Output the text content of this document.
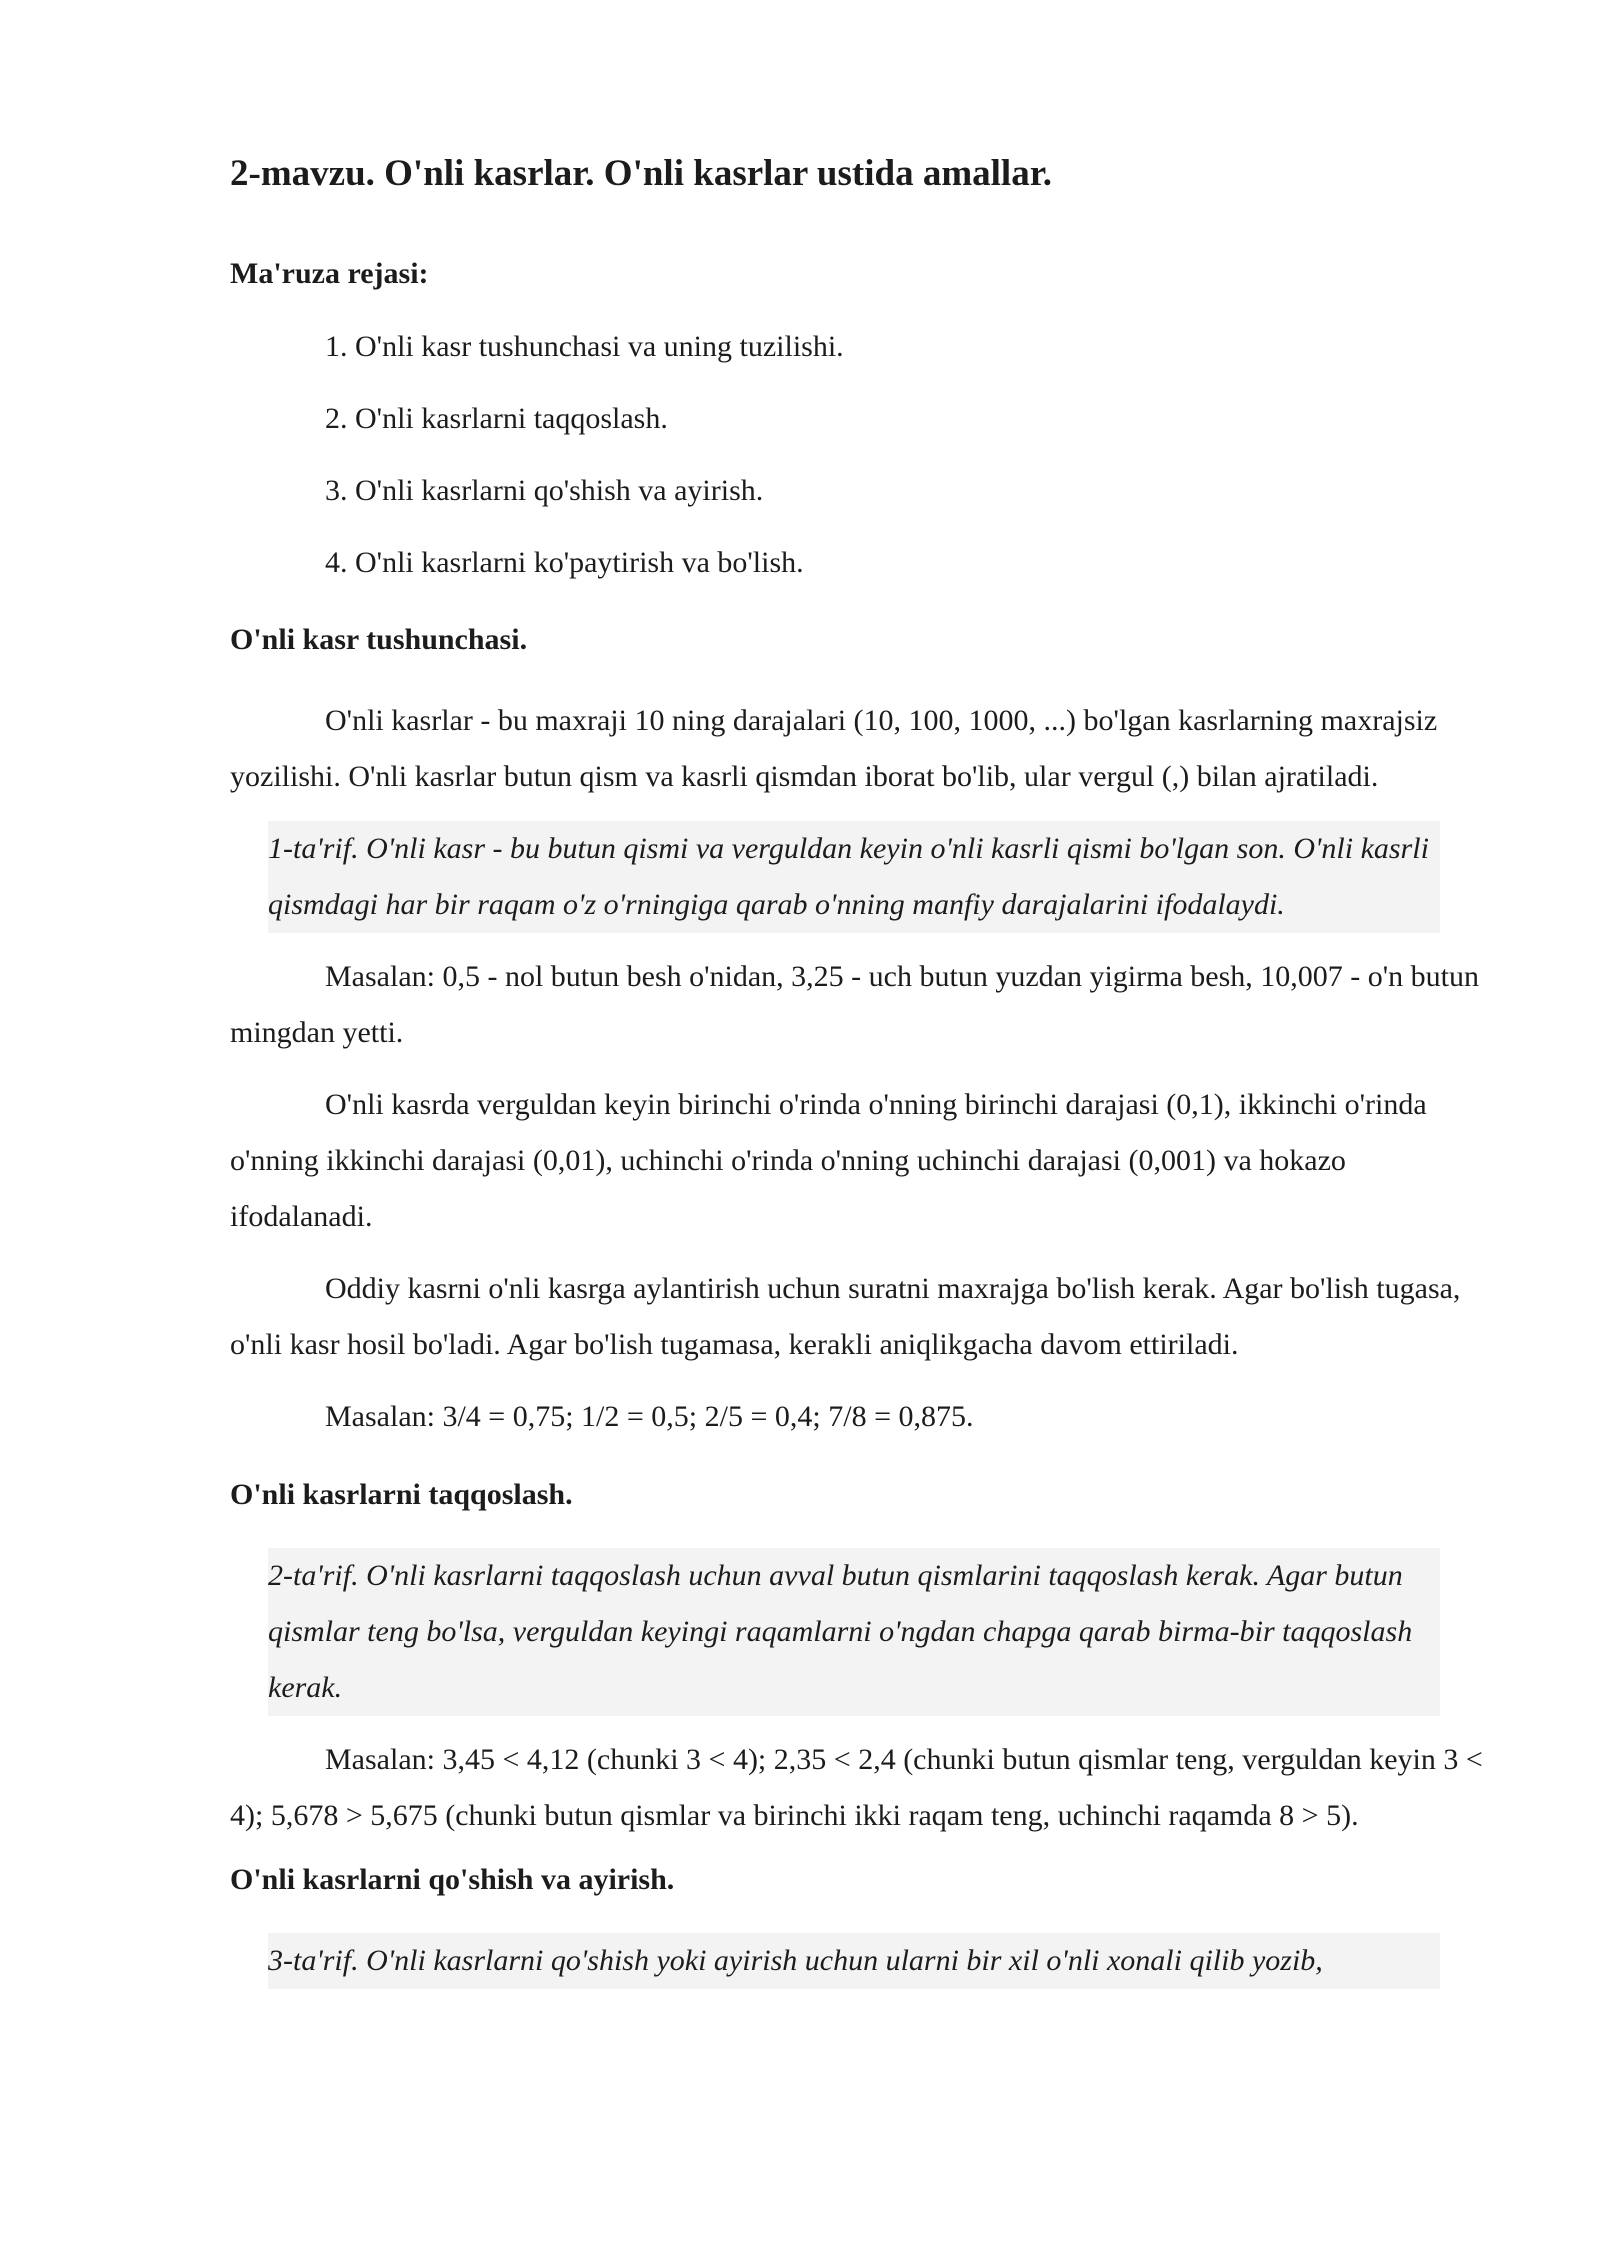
2-mavzu. O'nli kasrlar. O'nli kasrlar ustida amallar.
Ma'ruza rejasi:
1. O'nli kasr tushunchasi va uning tuzilishi.
2. O'nli kasrlarni taqqoslash.
3. O'nli kasrlarni qo'shish va ayirish.
4. O'nli kasrlarni ko'paytirish va bo'lish.
O'nli kasr tushunchasi.

O'nli kasrlar - bu maxraji 10 ning darajalari (10, 100, 1000, ...) bo'lgan kasrlarning maxrajsiz yozilishi. O'nli kasrlar butun qism va kasrli qismdan iborat bo'lib, ular vergul (,) bilan ajratiladi.

1-ta'rif. O'nli kasr - bu butun qismi va verguldan keyin o'nli kasrli qismi bo'lgan son. O'nli kasrli qismdagi har bir raqam o'z o'rningiga qarab o'nning manfiy darajalarini ifodalaydi.

Masalan: 0,5 - nol butun besh o'nidan, 3,25 - uch butun yuzdan yigirma besh, 10,007 - o'n butun mingdan yetti.

O'nli kasrda verguldan keyin birinchi o'rinda o'nning birinchi darajasi (0,1), ikkinchi o'rinda o'nning ikkinchi darajasi (0,01), uchinchi o'rinda o'nning uchinchi darajasi (0,001) va hokazo ifodalanadi.

Oddiy kasrni o'nli kasrga aylantirish uchun suratni maxrajga bo'lish kerak. Agar bo'lish tugasa, o'nli kasr hosil bo'ladi. Agar bo'lish tugamasa, kerakli aniqlikgacha davom ettiriladi.

Masalan: 3/4 = 0,75; 1/2 = 0,5; 2/5 = 0,4; 7/8 = 0,875.
O'nli kasrlarni taqqoslash.
2-ta'rif. O'nli kasrlarni taqqoslash uchun avval butun qismlarini taqqoslash kerak. Agar butun qismlar teng bo'lsa, verguldan keyingi raqamlarni o'ngdan chapga qarab birma-bir taqqoslash kerak.

Masalan: 3,45 < 4,12 (chunki 3 < 4); 2,35 < 2,4 (chunki butun qismlar teng, verguldan keyin 3 < 4); 5,678 > 5,675 (chunki butun qismlar va birinchi ikki raqam teng, uchinchi raqamda 8 > 5).

O'nli kasrlarni qo'shish va ayirish.
3-ta'rif. O'nli kasrlarni qo'shish yoki ayirish uchun ularni bir xil o'nli xonali qilib yozib,
